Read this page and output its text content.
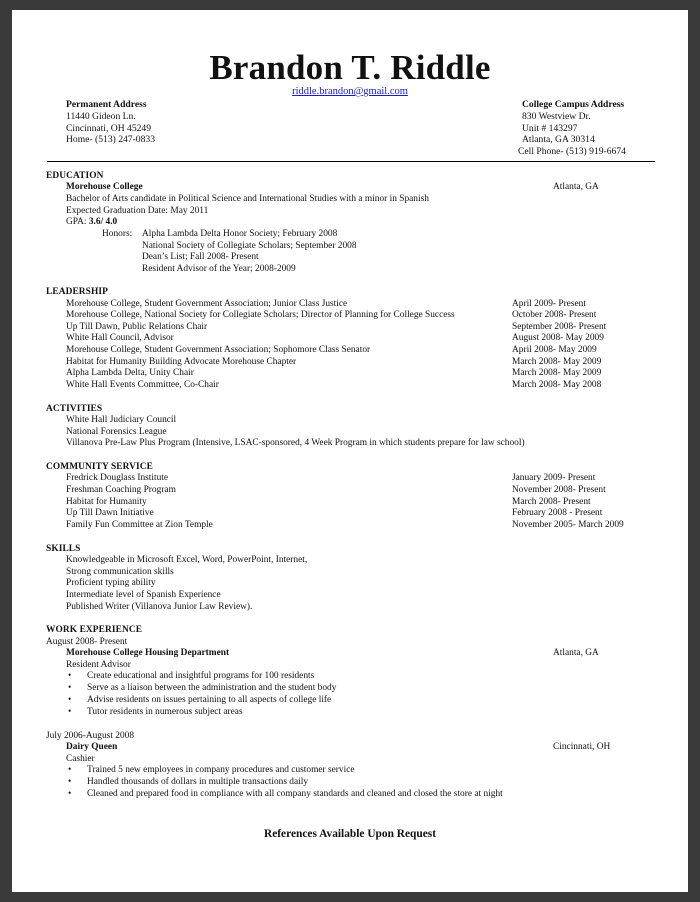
Brandon T. Riddle
riddle.brandon@gmail.com
Permanent Address
11440 Gideon Ln.
Cincinnati, OH 45249
Home- (513) 247-0833
College Campus Address
830 Westview Dr.
Unit # 143297
Atlanta, GA 30314
Cell Phone- (513) 919-6674
EDUCATION
Morehouse College	Atlanta, GA
Bachelor of Arts candidate in Political Science and International Studies with a minor in Spanish
Expected Graduation Date: May 2011
GPA: 3.6/ 4.0
Honors: Alpha Lambda Delta Honor Society; February 2008
National Society of Collegiate Scholars; September 2008
Dean’s List; Fall 2008- Present
Resident Advisor of the Year; 2008-2009
LEADERSHIP
Morehouse College, Student Government Association; Junior Class Justice	April 2009- Present
Morehouse College, National Society for Collegiate Scholars; Director of Planning for College Success	October 2008- Present
Up Till Dawn, Public Relations Chair	September 2008- Present
White Hall Council, Advisor	August 2008- May 2009
Morehouse College, Student Government Association; Sophomore Class Senator	April 2008- May 2009
Habitat for Humanity Building Advocate Morehouse Chapter	March 2008- May 2009
Alpha Lambda Delta, Unity Chair	March 2008- May 2009
White Hall Events Committee, Co-Chair	March 2008- May 2008
ACTIVITIES
White Hall Judiciary Council
National Forensics League
Villanova Pre-Law Plus Program (Intensive, LSAC-sponsored, 4 Week Program in which students prepare for law school)
COMMUNITY SERVICE
Fredrick Douglass Institute	January 2009- Present
Freshman Coaching Program	November 2008- Present
Habitat for Humanity	March 2008- Present
Up Till Dawn Initiative	February 2008 - Present
Family Fun Committee at Zion Temple	November 2005- March 2009
SKILLS
Knowledgeable in Microsoft Excel, Word, PowerPoint, Internet,
Strong communication skills
Proficient typing ability
Intermediate level of Spanish Experience
Published Writer (Villanova Junior Law Review).
WORK EXPERIENCE
August 2008- Present
Morehouse College Housing Department	Atlanta, GA
Resident Advisor
• Create educational and insightful programs for 100 residents
• Serve as a liaison between the administration and the student body
• Advise residents on issues pertaining to all aspects of college life
• Tutor residents in numerous subject areas
July 2006-August 2008
Dairy Queen	Cincinnati, OH
Cashier
• Trained 5 new employees in company procedures and customer service
• Handled thousands of dollars in multiple transactions daily
• Cleaned and prepared food in compliance with all company standards and cleaned and closed the store at night
References Available Upon Request
